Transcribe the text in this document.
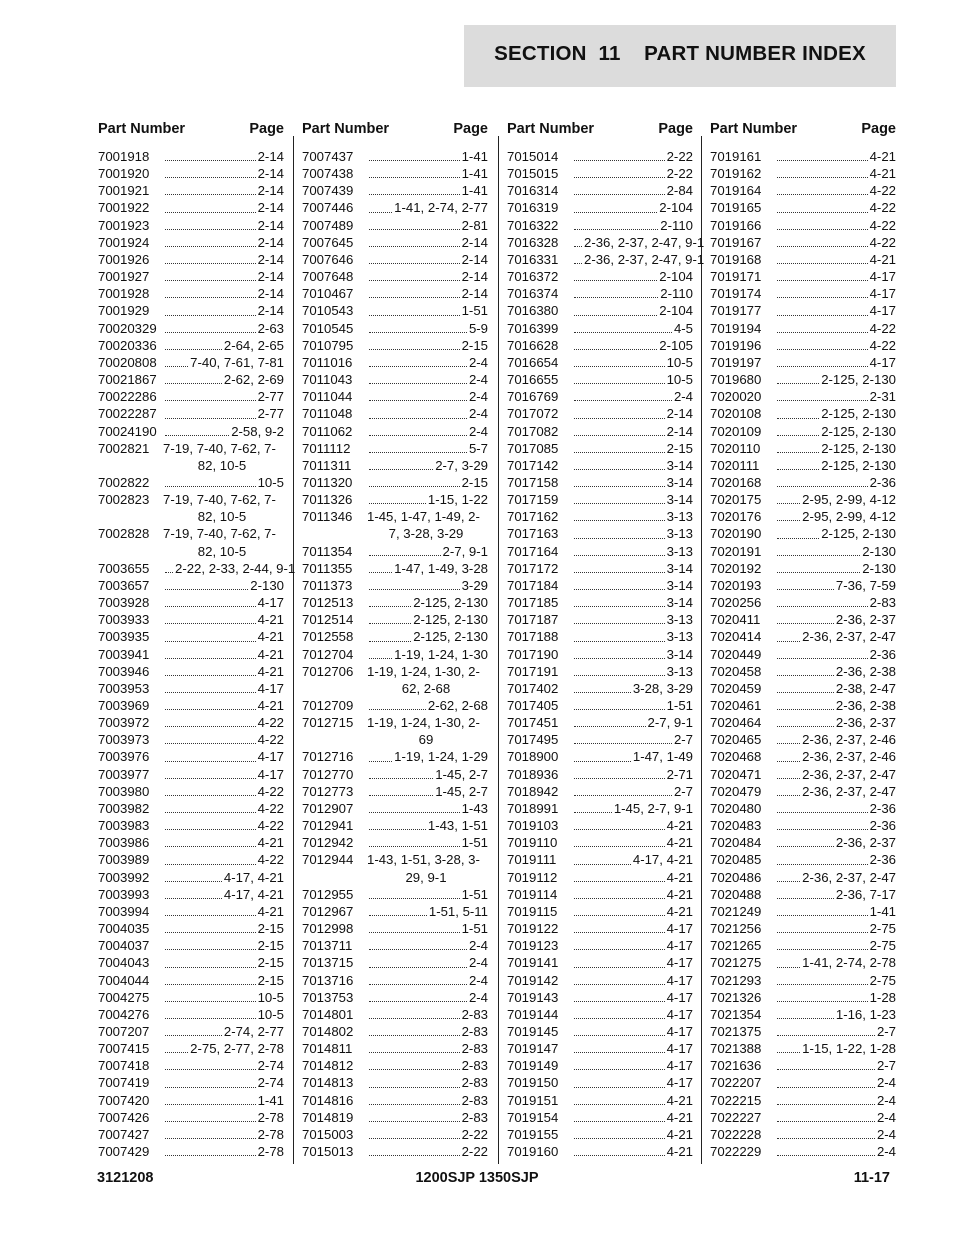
SECTION  11    PART NUMBER INDEX
Part Number	Page
7001918	2-14
7001920	2-14
7001921	2-14
7001922	2-14
7001923	2-14
7001924	2-14
7001926	2-14
7001927	2-14
7001928	2-14
7001929	2-14
70020329	2-63
70020336	2-64, 2-65
70020808	7-40, 7-61, 7-81
70021867	2-62, 2-69
70022286	2-77
70022287	2-77
70024190	2-58, 9-2
7002821 7-19, 7-40, 7-62, 7-
82, 10-5
7002822	10-5
7002823 7-19, 7-40, 7-62, 7-
82, 10-5
7002828 7-19, 7-40, 7-62, 7-
82, 10-5
7003655	2-22, 2-33, 2-44, 9-1
7003657	2-130
7003928	4-17
7003933	4-21
7003935	4-21
7003941	4-21
7003946	4-21
7003953	4-17
7003969	4-21
7003972	4-22
7003973	4-22
7003976	4-17
7003977	4-17
7003980	4-22
7003982	4-22
7003983	4-22
7003986	4-21
7003989	4-22
7003992	4-17, 4-21
7003993	4-17, 4-21
7003994	4-21
7004035	2-15
7004037	2-15
7004043	2-15
7004044	2-15
7004275	10-5
7004276	10-5
7007207	2-74, 2-77
7007415	2-75, 2-77, 2-78
7007418	2-74
7007419	2-74
7007420	1-41
7007426	2-78
7007427	2-78
7007429	2-78
Part Number	Page
7007437	1-41
7007438	1-41
7007439	1-41
7007446	1-41, 2-74, 2-77
7007489	2-81
7007645	2-14
7007646	2-14
7007648	2-14
7010467	2-14
7010543	1-51
7010545	5-9
7010795	2-15
7011016	2-4
7011043	2-4
7011044	2-4
7011048	2-4
7011062	2-4
7011112	5-7
7011311	2-7, 3-29
7011320	2-15
7011326	1-15, 1-22
7011346 1-45, 1-47, 1-49, 2-
7, 3-28, 3-29
7011354	2-7, 9-1
7011355	1-47, 1-49, 3-28
7011373	3-29
7012513	2-125, 2-130
7012514	2-125, 2-130
7012558	2-125, 2-130
7012704	1-19, 1-24, 1-30
7012706 1-19, 1-24, 1-30, 2-
62, 2-68
7012709	2-62, 2-68
7012715 1-19, 1-24, 1-30, 2-
69
7012716	1-19, 1-24, 1-29
7012770	1-45, 2-7
7012773	1-45, 2-7
7012907	1-43
7012941	1-43, 1-51
7012942	1-51
7012944 1-43, 1-51, 3-28, 3-
29, 9-1
7012955	1-51
7012967	1-51, 5-11
7012998	1-51
7013711	2-4
7013715	2-4
7013716	2-4
7013753	2-4
7014801	2-83
7014802	2-83
7014811	2-83
7014812	2-83
7014813	2-83
7014816	2-83
7014819	2-83
7015003	2-22
7015013	2-22
Part Number	Page
7015014	2-22
7015015	2-22
7016314	2-84
7016319	2-104
7016322	2-110
7016328	2-36, 2-37, 2-47, 9-1
7016331	2-36, 2-37, 2-47, 9-1
7016372	2-104
7016374	2-110
7016380	2-104
7016399	4-5
7016628	2-105
7016654	10-5
7016655	10-5
7016769	2-4
7017072	2-14
7017082	2-14
7017085	2-15
7017142	3-14
7017158	3-14
7017159	3-14
7017162	3-13
7017163	3-13
7017164	3-13
7017172	3-14
7017184	3-14
7017185	3-14
7017187	3-13
7017188	3-13
7017190	3-14
7017191	3-13
7017402	3-28, 3-29
7017405	1-51
7017451	2-7, 9-1
7017495	2-7
7018900	1-47, 1-49
7018936	2-71
7018942	2-7
7018991	1-45, 2-7, 9-1
7019103	4-21
7019110	4-21
7019111	4-17, 4-21
7019112	4-21
7019114	4-21
7019115	4-21
7019122	4-17
7019123	4-17
7019141	4-17
7019142	4-17
7019143	4-17
7019144	4-17
7019145	4-17
7019147	4-17
7019149	4-17
7019150	4-17
7019151	4-21
7019154	4-21
7019155	4-21
7019160	4-21
Part Number	Page
7019161	4-21
7019162	4-21
7019164	4-22
7019165	4-22
7019166	4-22
7019167	4-22
7019168	4-21
7019171	4-17
7019174	4-17
7019177	4-17
7019194	4-22
7019196	4-22
7019197	4-17
7019680	2-125, 2-130
7020020	2-31
7020108	2-125, 2-130
7020109	2-125, 2-130
7020110	2-125, 2-130
7020111	2-125, 2-130
7020168	2-36
7020175	2-95, 2-99, 4-12
7020176	2-95, 2-99, 4-12
7020190	2-125, 2-130
7020191	2-130
7020192	2-130
7020193	7-36, 7-59
7020256	2-83
7020411	2-36, 2-37
7020414	2-36, 2-37, 2-47
7020449	2-36
7020458	2-36, 2-38
7020459	2-38, 2-47
7020461	2-36, 2-38
7020464	2-36, 2-37
7020465	2-36, 2-37, 2-46
7020468	2-36, 2-37, 2-46
7020471	2-36, 2-37, 2-47
7020479	2-36, 2-37, 2-47
7020480	2-36
7020483	2-36
7020484	2-36, 2-37
7020485	2-36
7020486	2-36, 2-37, 2-47
7020488	2-36, 7-17
7021249	1-41
7021256	2-75
7021265	2-75
7021275	1-41, 2-74, 2-78
7021293	2-75
7021326	1-28
7021354	1-16, 1-23
7021375	2-7
7021388	1-15, 1-22, 1-28
7021636	2-7
7022207	2-4
7022215	2-4
7022227	2-4
7022228	2-4
7022229	2-4
3121208	1200SJP 1350SJP	11-17
